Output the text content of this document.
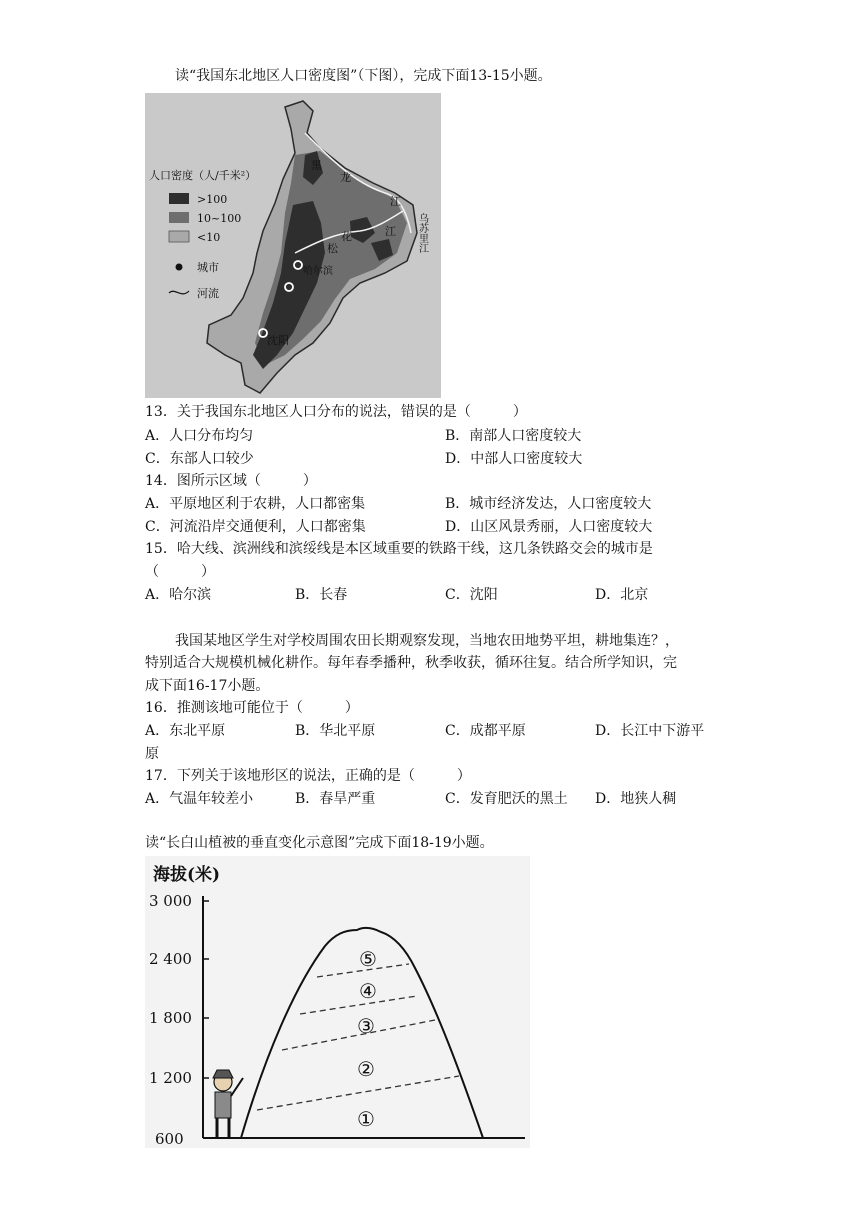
读“我国东北地区人口密度图”（下图），完成下面13-15小题。
黑
龙
江
乌苏里江
花
松
江
哈尔滨
沈阳
人口密度（人/千米²）
>100
10~100
<10
城市
河流
13．关于我国东北地区人口分布的说法，错误的是（　　　）
A．人口分布均匀	B．南部人口密度较大
C．东部人口较少	D．中部人口密度较大
14．图所示区域（　　　）
A．平原地区利于农耕，人口都密集	B．城市经济发达，人口密度较大
C．河流沿岸交通便利，人口都密集	D．山区风景秀丽，人口密度较大
15．哈大线、滨洲线和滨绥线是本区域重要的铁路干线，这几条铁路交会的城市是
（　　　）
A．哈尔滨	B．长春	C．沈阳	D．北京
我国某地区学生对学校周围农田长期观察发现，当地农田地势平坦，耕地集连？，
特别适合大规模机械化耕作。每年春季播种，秋季收获，循环往复。结合所学知识，完
成下面16-17小题。
16．推测该地可能位于（　　　）
A．东北平原	B．华北平原	C．成都平原	D．长江中下游平
原
17．下列关于该地形区的说法，正确的是（　　　）
A．气温年较差小	B．春旱严重	C．发育肥沃的黑土 D．地狭人稠
读“长白山植被的垂直变化示意图”完成下面18-19小题。
海拔(米)
3 000
2 400
1 800
1 200
600
①
②
③
④
⑤
